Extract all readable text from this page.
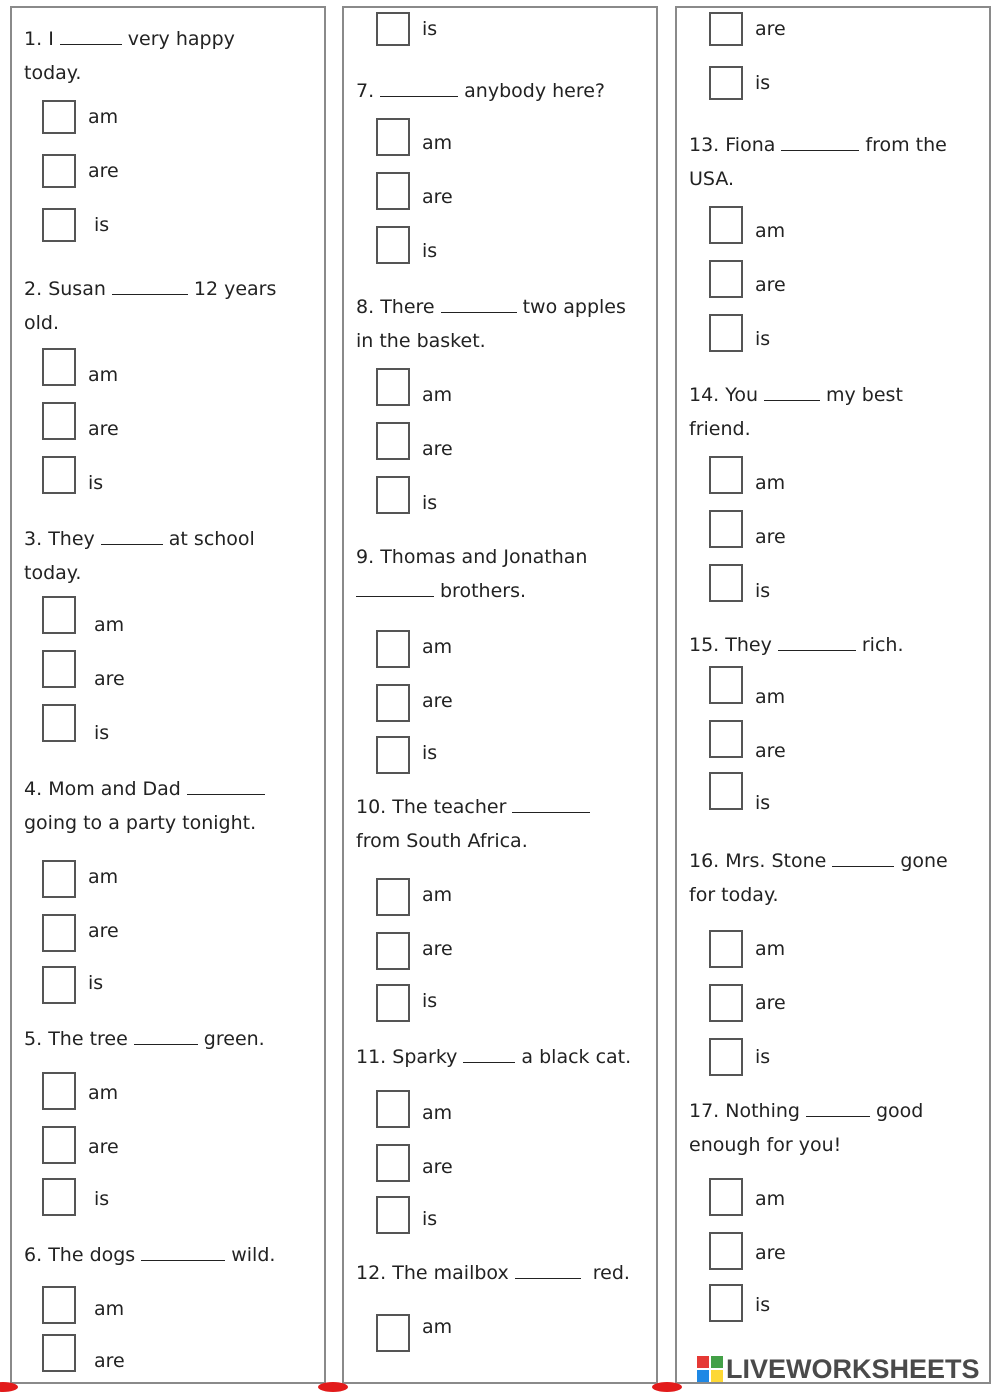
1. I	very happy
today.
am
are
is
2. Susan	12 years
old.
am
are
is
3. They	at school
today.
am
are
is
4. Mom and Dad
going to a party tonight.
am
are
is
5. The tree	green.
am
are
is
6. The dogs	wild.
am
are
is
7.	anybody here?
am
are
is
8. There	two apples
in the basket.
am
are
is
9. Thomas and Jonathan
brothers.
am
are
is
10. The teacher
from South Africa.
am
are
is
11. Sparky	a black cat.
am
are
is
12. The mailbox	red.
am
are
is
13. Fiona	from the
USA.
am
are
is
14. You	my best
friend.
am
are
is
15. They	rich.
am
are
is
16. Mrs. Stone	gone
for today.
am
are
is
17. Nothing	good
enough for you!
am
are
is
LIVEWORKSHEETS
